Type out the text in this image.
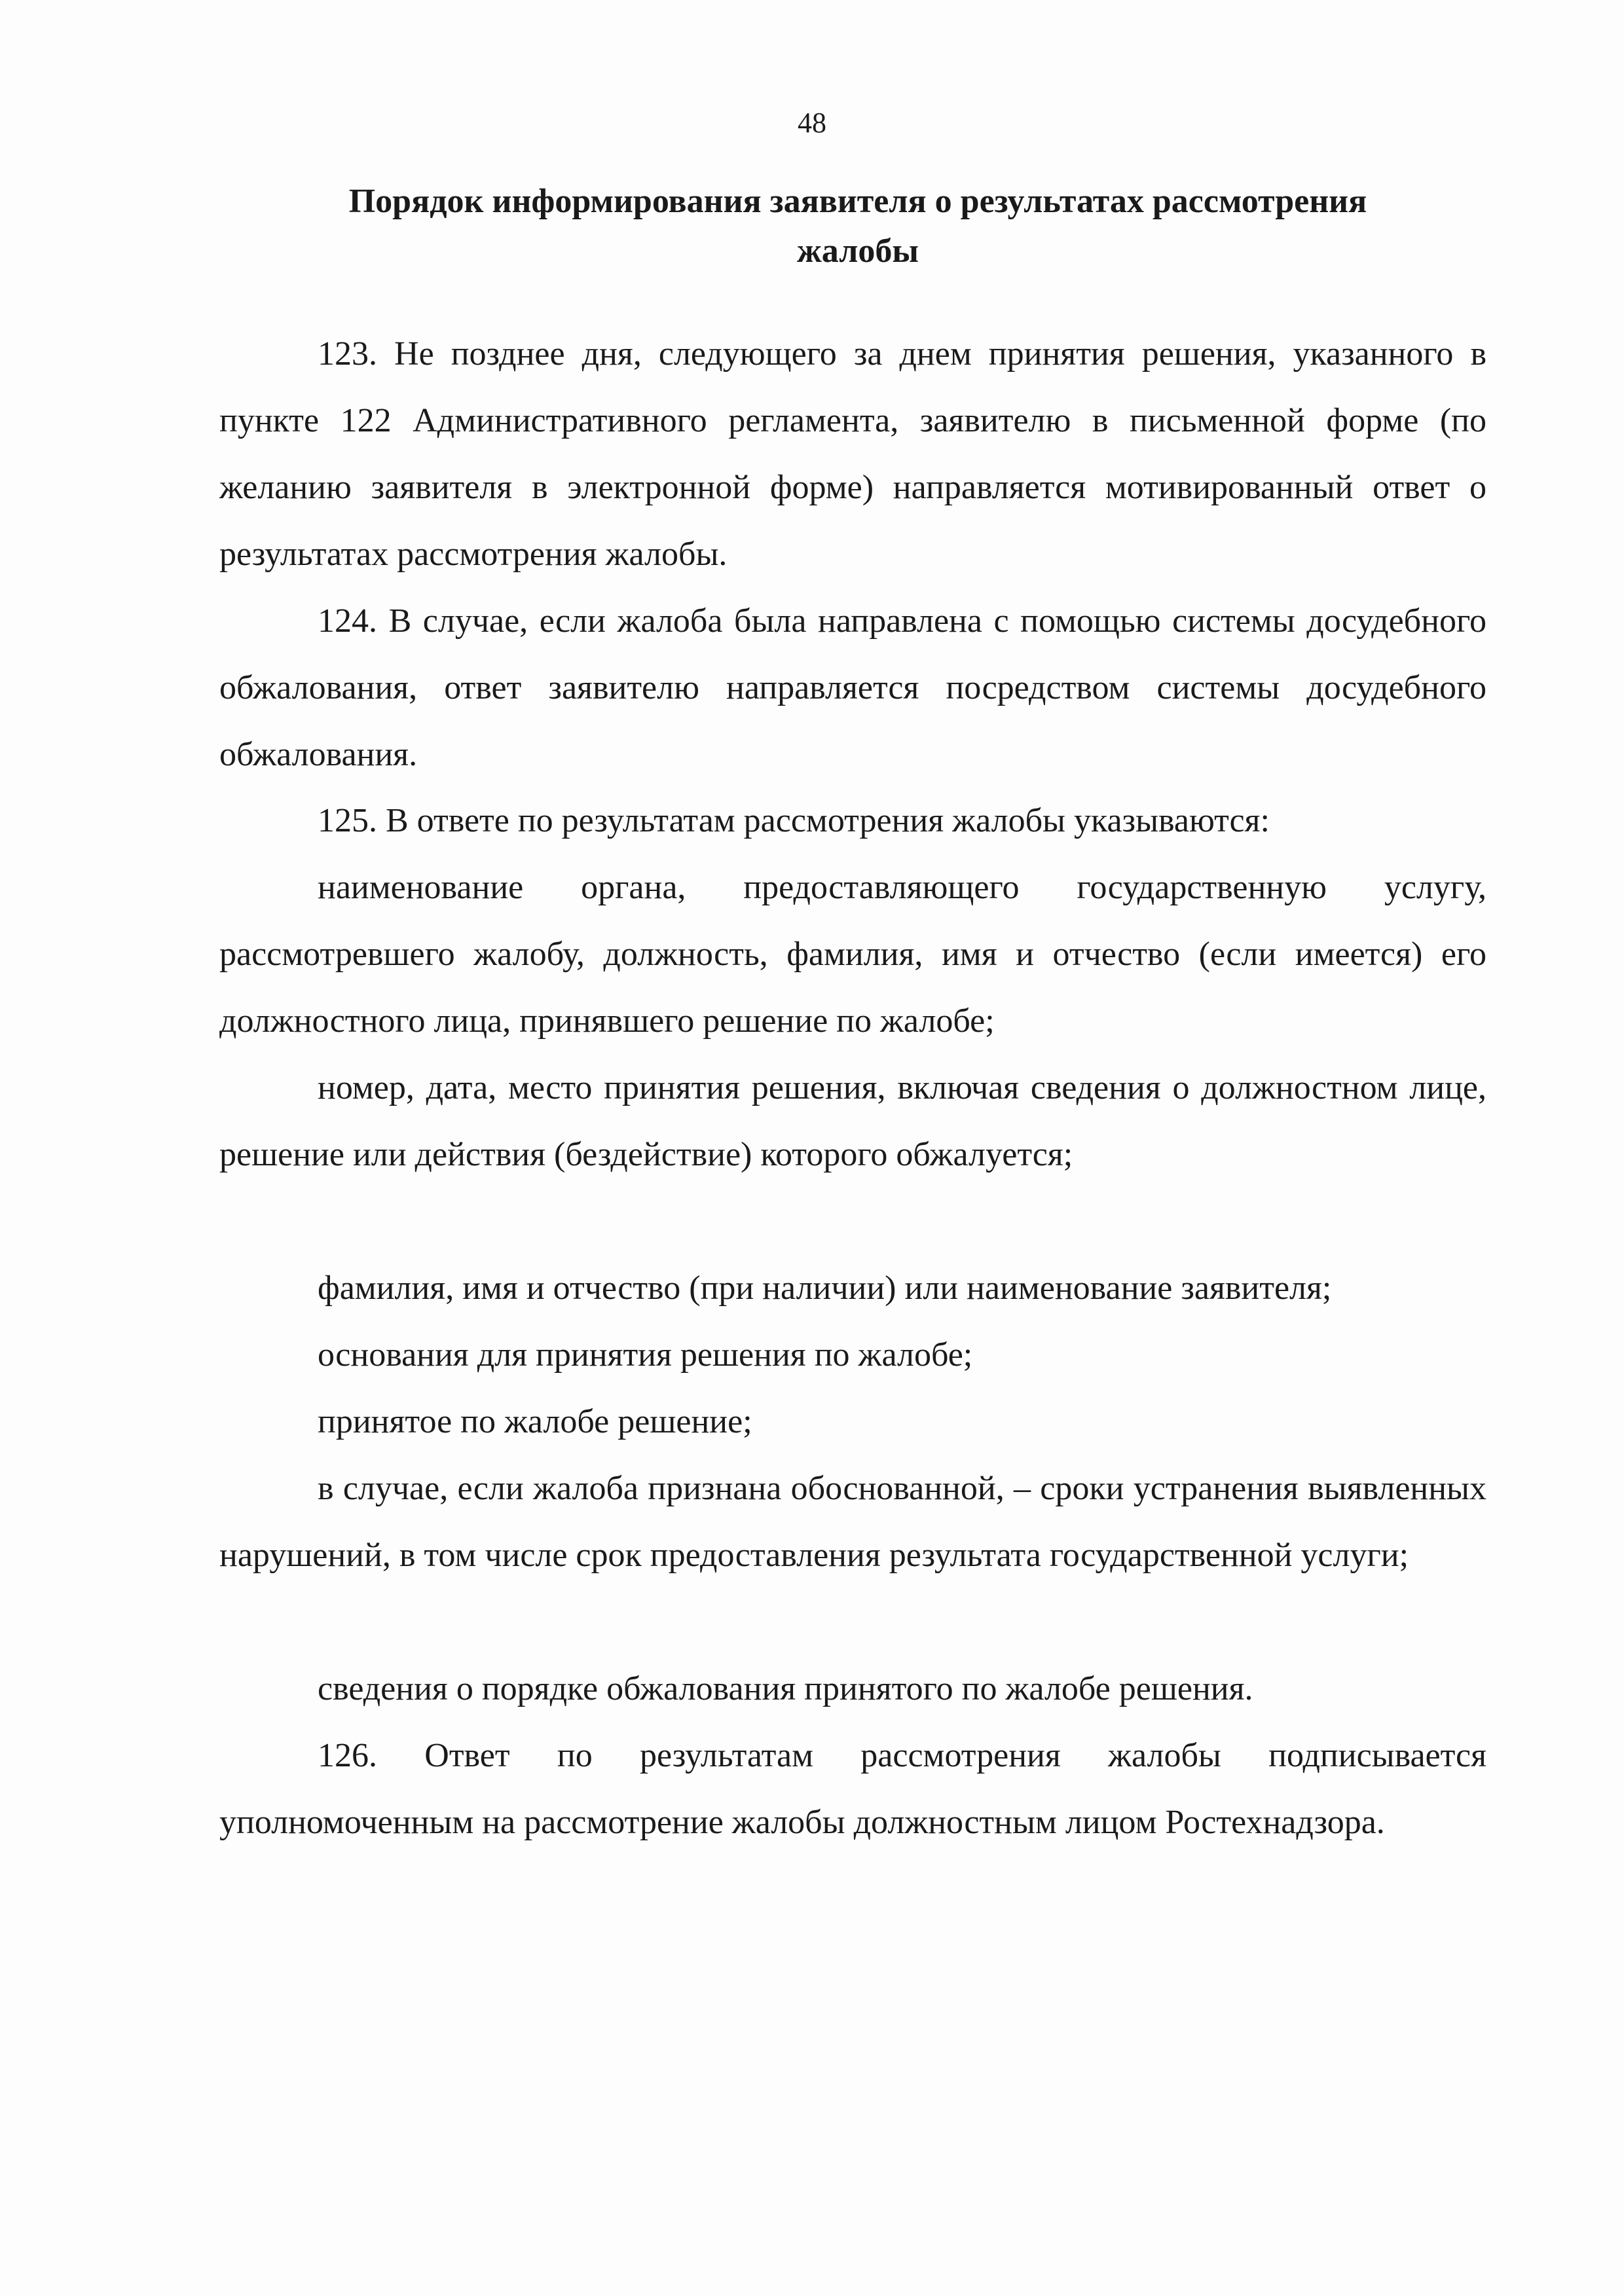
48
Порядок информирования заявителя о результатах рассмотрения
жалобы

123. Не позднее дня, следующего за днем принятия решения, указанного в пункте 122 Административного регламента, заявителю в письменной форме (по желанию заявителя в электронной форме) направляется мотивированный ответ о результатах рассмотрения жалобы.

124. В случае, если жалоба была направлена с помощью системы досудебного обжалования, ответ заявителю направляется посредством системы досудебного обжалования.

125. В ответе по результатам рассмотрения жалобы указываются:

наименование органа, предоставляющего государственную услугу, рассмотревшего жалобу, должность, фамилия, имя и отчество (если имеется) его должностного лица, принявшего решение по жалобе;

номер, дата, место принятия решения, включая сведения о должностном лице, решение или действия (бездействие) которого обжалуется;

фамилия, имя и отчество (при наличии) или наименование заявителя;

основания для принятия решения по жалобе;

принятое по жалобе решение;

в случае, если жалоба признана обоснованной, – сроки устранения выявленных нарушений, в том числе срок предоставления результата государственной услуги;

сведения о порядке обжалования принятого по жалобе решения.

126. Ответ по результатам рассмотрения жалобы подписывается уполномоченным на рассмотрение жалобы должностным лицом Ростехнадзора.
